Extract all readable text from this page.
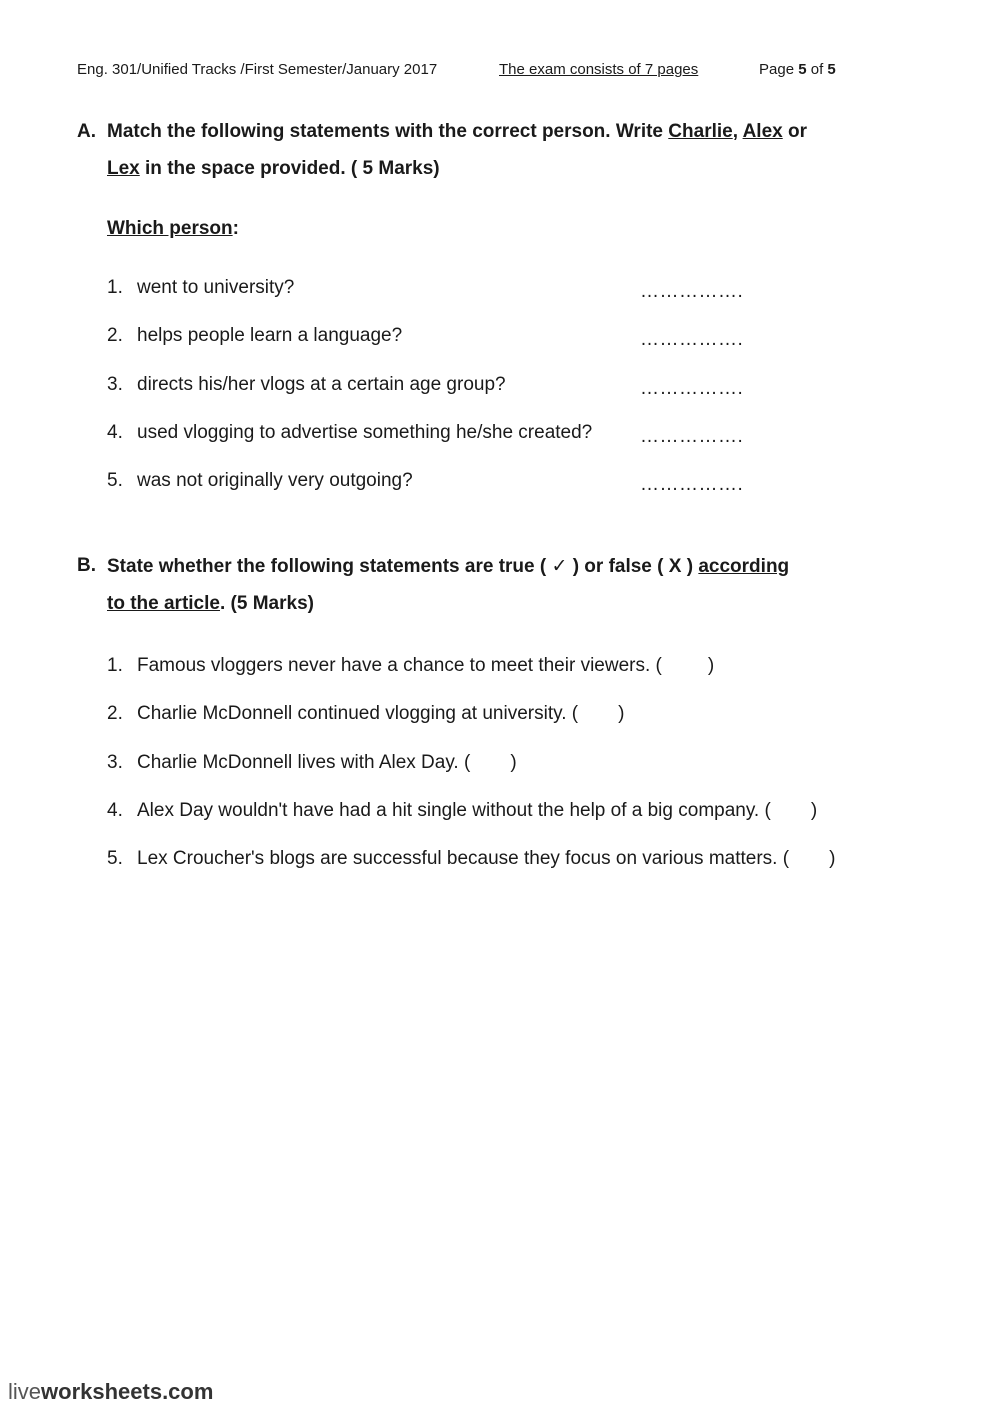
Eng. 301/Unified Tracks /First Semester/January 2017	The exam consists of 7 pages	Page 5 of 5
A. Match the following statements with the correct person. Write Charlie, Alex or
Lex in the space provided. ( 5 Marks)
Which person:
1. went to university?	…………….
2. helps people learn a language?	…………….
3. directs his/her vlogs at a certain age group?	…………….
4. used vlogging to advertise something he/she created?	…………….
5. was not originally very outgoing?	…………….
B. State whether the following statements are true ( ✓ ) or false ( X ) according
to the article. (5 Marks)
1. Famous vloggers never have a chance to meet their viewers. ( )
2. Charlie McDonnell continued vlogging at university. ( )
3. Charlie McDonnell lives with Alex Day. ( )
4. Alex Day wouldn't have had a hit single without the help of a big company. ( )
5. Lex Croucher's blogs are successful because they focus on various matters. ( )
liveworksheets.com
